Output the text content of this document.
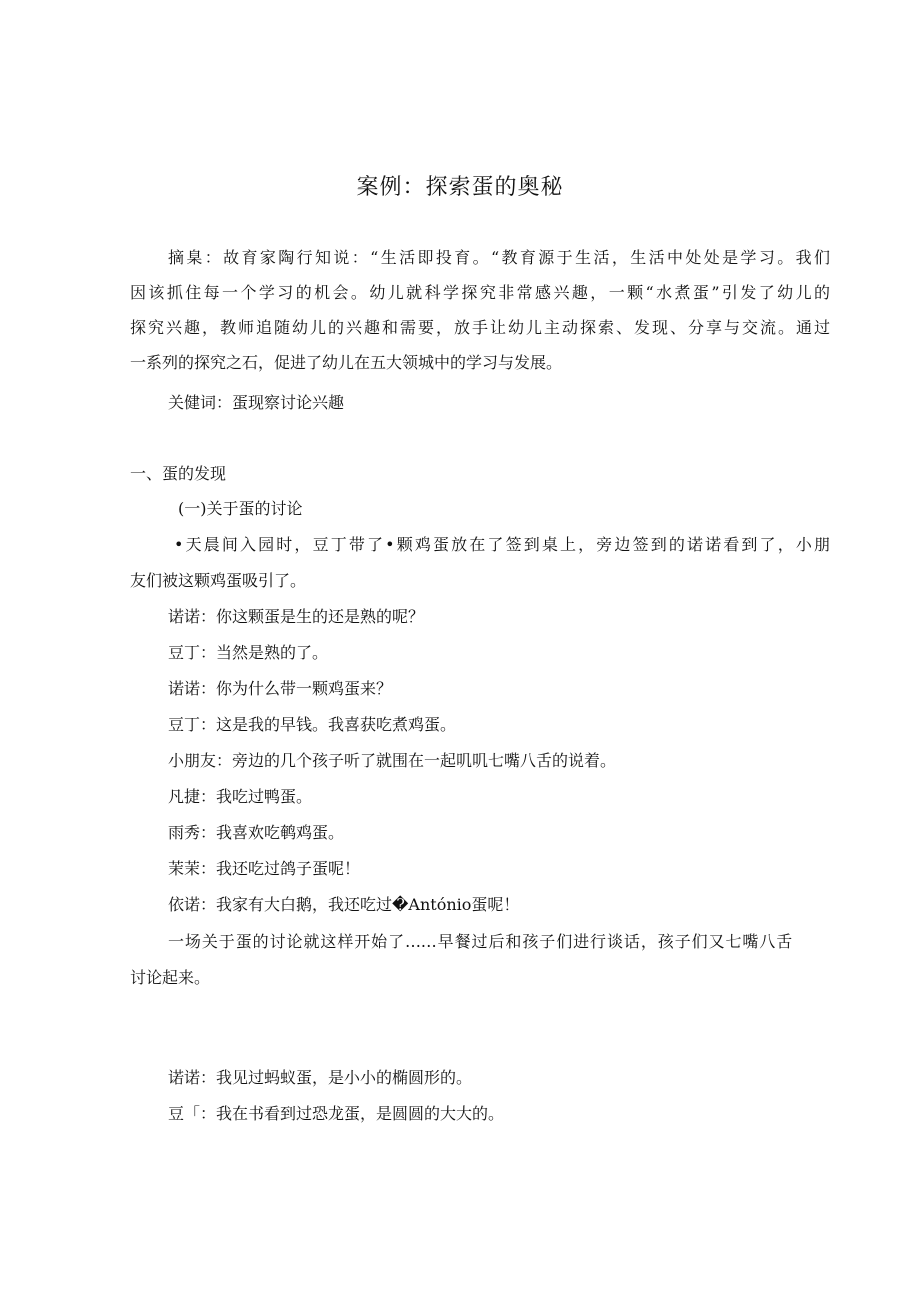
案例：探索蛋的奥秘
摘臬：故育家陶行知说：“生活即投育。“教育源于生活，生活中处处是学习。我们
因该抓住每一个学习的机会。幼儿就科学探究非常感兴趣，一颗“水煮蛋”引发了幼儿的
探究兴趣，教师追随幼儿的兴趣和需要，放手让幼儿主动探索、发现、分享与交流。通过
一系列的探究之石，促进了幼儿在五大领城中的学习与发展。
关健词：蛋现察讨论兴趣
一、蛋的发现
(一)关于蛋的讨论
•天晨间入园时，豆丁带了•颗鸡蛋放在了签到桌上，旁边签到的诺诺看到了，小朋
友们被这颗鸡蛋吸引了。
诺诺：你这颗蛋是生的还是熟的呢？
豆丁：当然是熟的了。
诺诺：你为什么带一颗鸡蛋来？
豆丁：这是我的早钱。我喜获吃煮鸡蛋。
小朋友：旁边的几个孩子听了就围在一起叽叽七嘴八舌的说着。
凡捷：我吃过鸭蛋。
雨秀：我喜欢吃鹌鸡蛋。
茉茉：我还吃过鸽子蛋呢！
依诺：我家有大白鹅，我还吃过�António蛋呢！
一场关于蛋的讨论就这样开始了……早餐过后和孩子们进行谈话，孩子们又七嘴八舌
讨论起来。
诺诺：我见过蚂蚁蛋，是小小的椭圆形的。
豆「：我在书看到过恐龙蛋，是圆圆的大大的。
